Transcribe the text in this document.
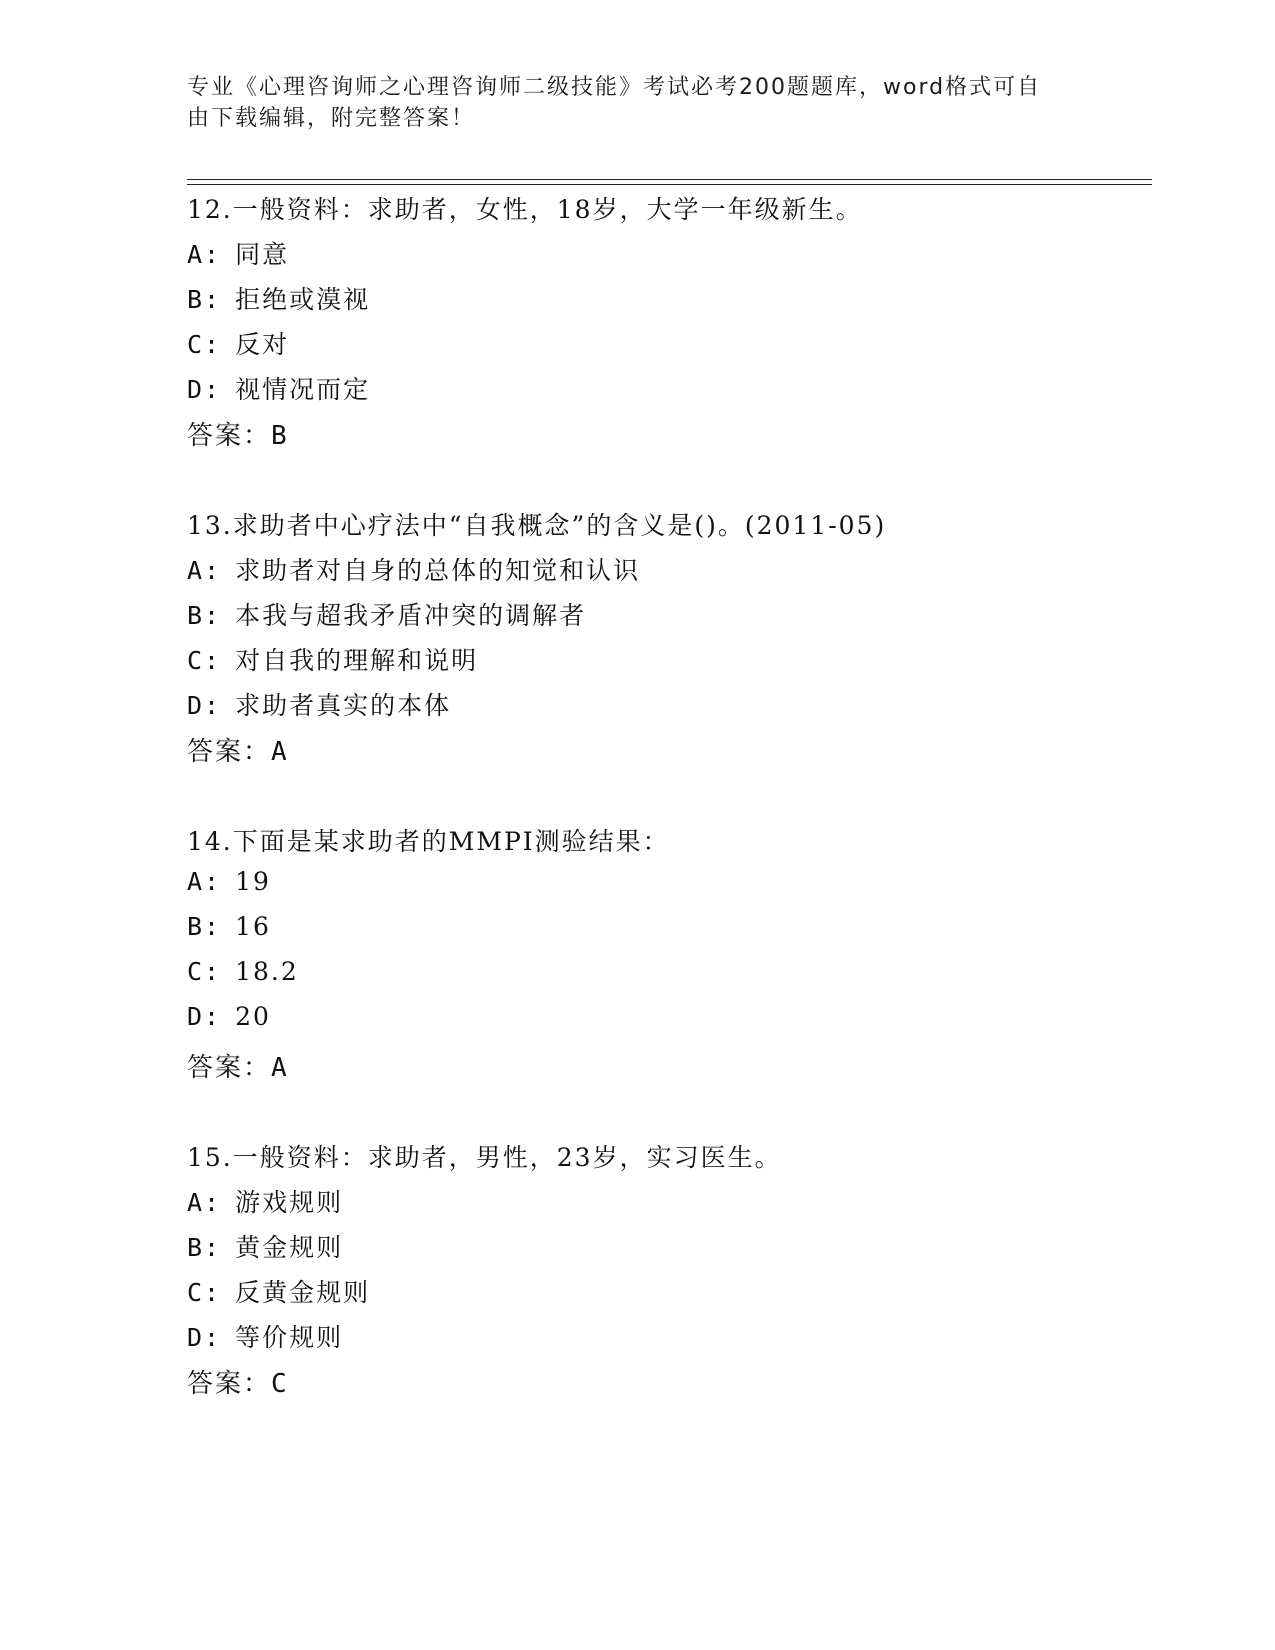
专业《心理咨询师之心理咨询师二级技能》考试必考200题题库，word格式可自
由下载编辑，附完整答案！
12.一般资料：求助者，女性，18岁，大学一年级新生。
A: 同意
B: 拒绝或漠视
C: 反对
D: 视情况而定
答案：B
13.求助者中心疗法中“自我概念”的含义是()。(2011-05)
A: 求助者对自身的总体的知觉和认识
B: 本我与超我矛盾冲突的调解者
C: 对自我的理解和说明
D: 求助者真实的本体
答案：A
14.下面是某求助者的MMPI测验结果：
A: 19
B: 16
C: 18.2
D: 20
答案：A
15.一般资料：求助者，男性，23岁，实习医生。
A: 游戏规则
B: 黄金规则
C: 反黄金规则
D: 等价规则
答案：C
